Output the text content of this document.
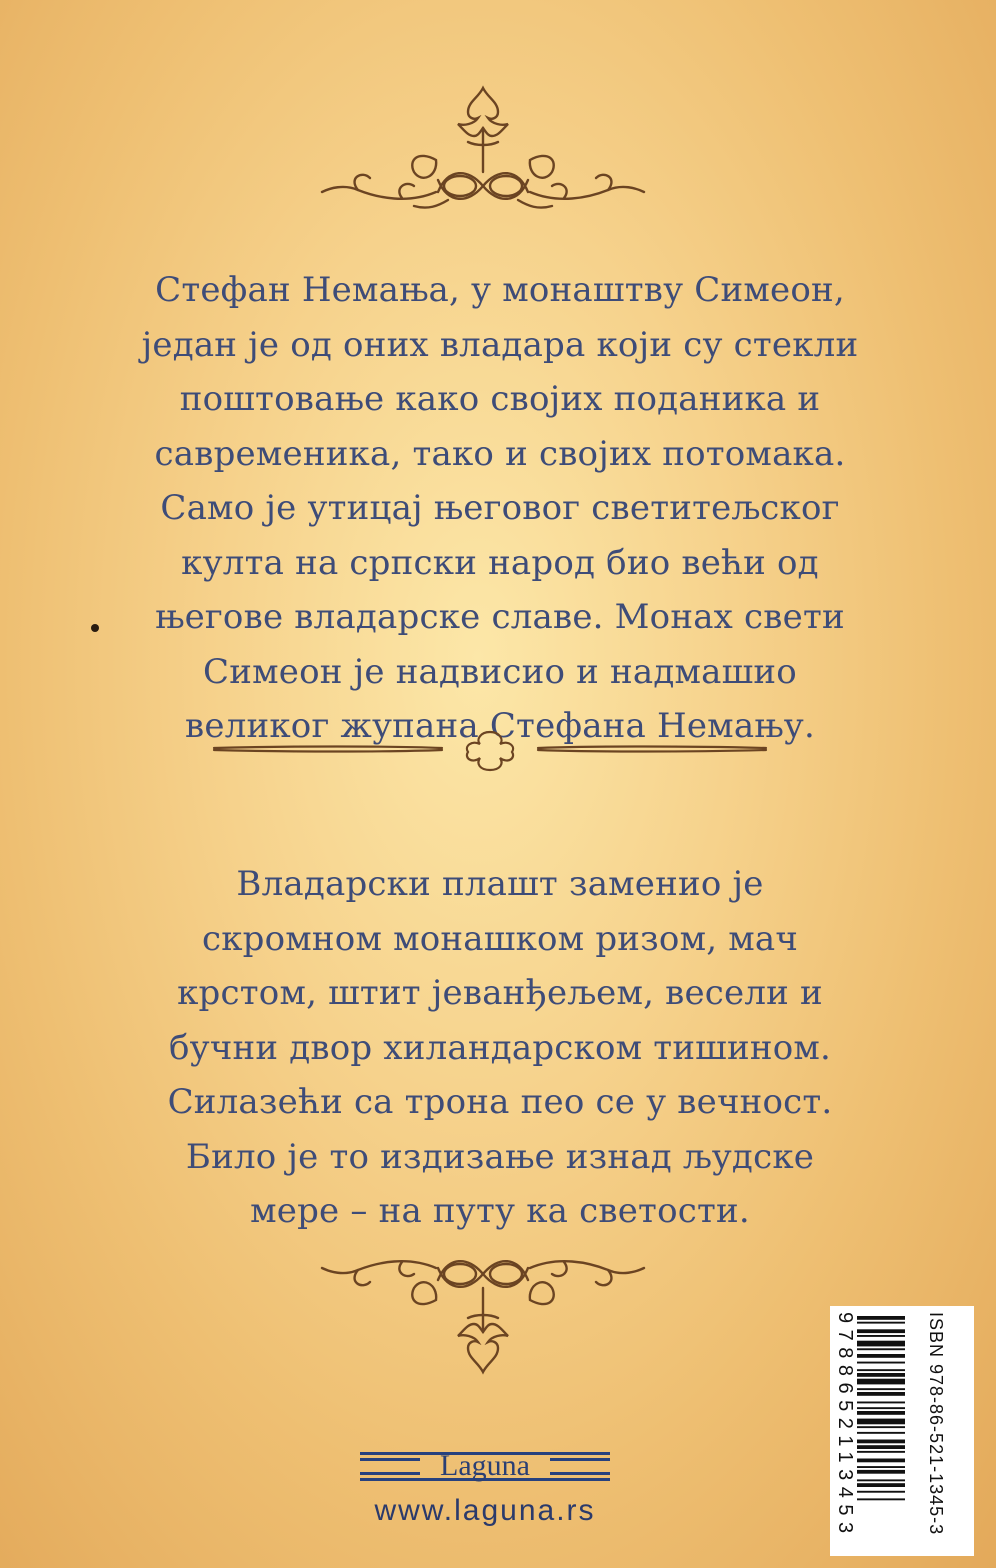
Стефан Немања, у монаштву Симеон,
један је од оних владара који су стекли
поштовање како својих поданика и
савременика, тако и својих потомака.
Само је утицај његовог светитељског
култа на српски народ био већи од
његове владарске славе. Монах свети
Симеон је надвисио и надмашио
великог жупана Стефана Немању.
Владарски плашт заменио је
скромном монашком ризом, мач
крстом, штит јеванђељем, весели и
бучни двор хиландарском тишином.
Силазећи са трона пео се у вечност.
Било је то издизање изнад људске
мере – на путу ка светости.
Laguna
www.laguna.rs	9788652113453	ISBN 978-86-521-1345-3
